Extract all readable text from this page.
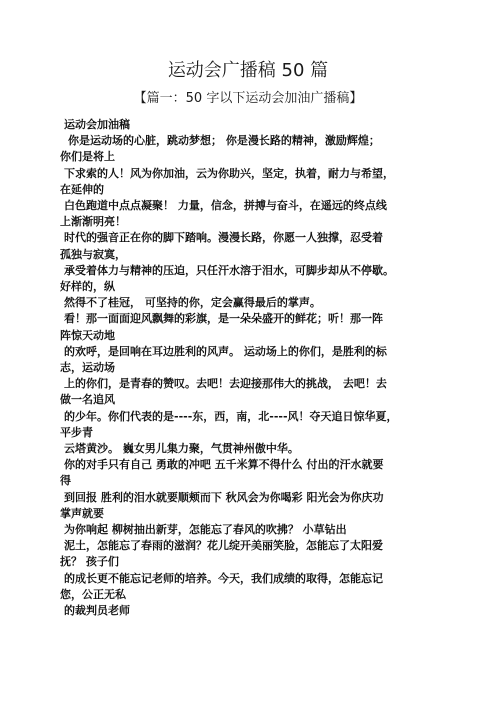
运动会广播稿 50 篇
【篇一：50 字以下运动会加油广播稿】
运动会加油稿
你是运动场的心脏，跳动梦想； 你是漫长路的精神，激励辉煌；
你们是将上
下求索的人！风为你加油，云为你助兴，坚定，执着，耐力与希望，
在延伸的
白色跑道中点点凝聚！ 力量，信念，拼搏与奋斗，在遥远的终点线
上渐渐明亮！
时代的强音正在你的脚下踏响。漫漫长路，你愿一人独撑，忍受着
孤独与寂寞，
承受着体力与精神的压迫，只任汗水溶于泪水，可脚步却从不停歇。
好样的，纵
然得不了桂冠， 可坚持的你，定会赢得最后的掌声。
看！那一面面迎风飘舞的彩旗，是一朵朵盛开的鲜花；听！那一阵
阵惊天动地
的欢呼，是回响在耳边胜利的风声。 运动场上的你们，是胜利的标
志，运动场
上的你们，是青春的赞叹。去吧！去迎接那伟大的挑战， 去吧！去
做一名追风
的少年。你们代表的是----东，西，南，北----风！夺天追日惊华夏，
平步青
云塔黄沙。 巍女男儿集力聚，气贯神州傲中华。
你的对手只有自己 勇敢的冲吧 五千米算不得什么 付出的汗水就要
得
到回报 胜利的泪水就要顺颊而下 秋风会为你喝彩 阳光会为你庆功
掌声就要
为你响起 柳树抽出新芽，怎能忘了春风的吹拂？ 小草钻出
泥土，怎能忘了春雨的滋润？花儿绽开美丽笑脸，怎能忘了太阳爱
抚？ 孩子们
的成长更不能忘记老师的培养。今天，我们成绩的取得，怎能忘记
您，公正无私
的裁判员老师
